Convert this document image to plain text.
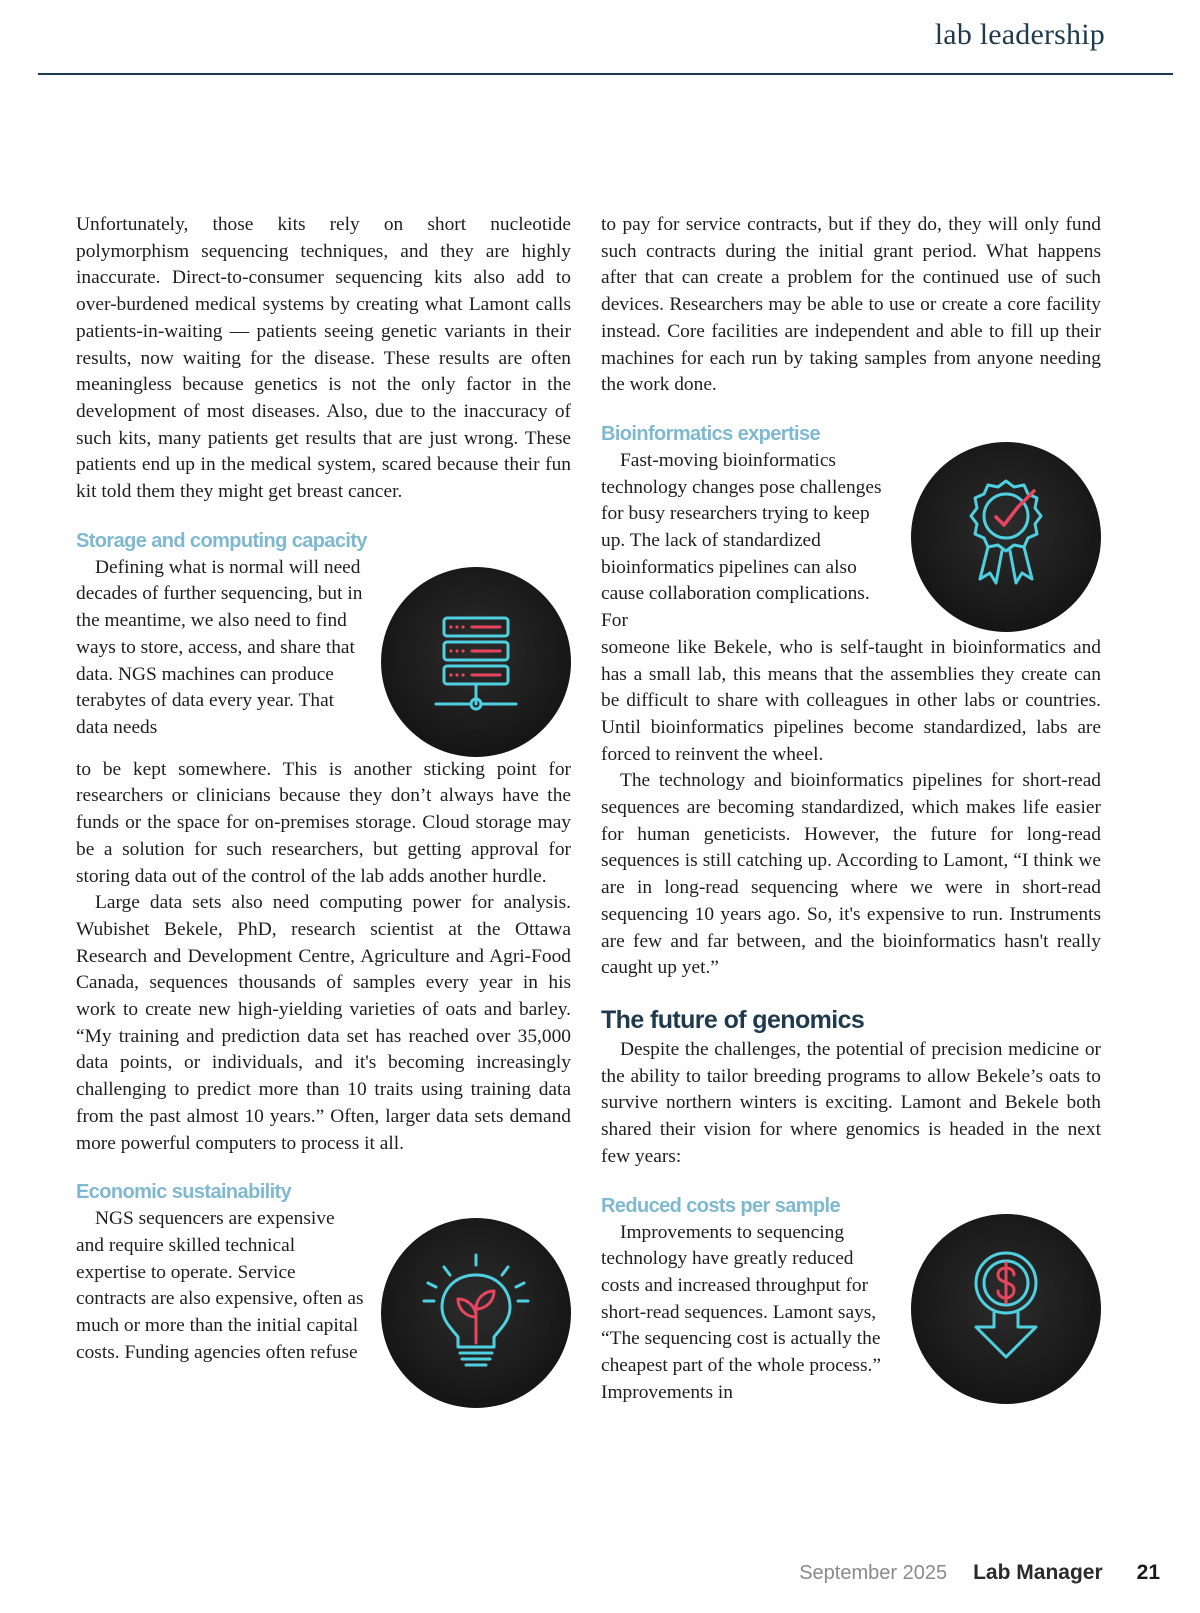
lab leadership

Unfortunately, those kits rely on short nucleotide polymorphism sequencing techniques, and they are highly inaccurate. Direct-to-consumer sequencing kits also add to over-burdened medical systems by creating what Lamont calls patients-in-waiting — patients seeing genetic variants in their results, now waiting for the disease. These results are often meaningless because genetics is not the only factor in the development of most diseases. Also, due to the inaccuracy of such kits, many patients get results that are just wrong. These patients end up in the medical system, scared because their fun kit told them they might get breast cancer.

Storage and computing capacity

Defining what is normal will need decades of further sequencing, but in the meantime, we also need to find ways to store, access, and share that data. NGS machines can produce terabytes of data every year. That data needs

to be kept somewhere. This is another sticking point for researchers or clinicians because they don’t always have the funds or the space for on-premises storage. Cloud storage may be a solution for such researchers, but getting approval for storing data out of the control of the lab adds another hurdle.

Large data sets also need computing power for analysis. Wubishet Bekele, PhD, research scientist at the Ottawa Research and Development Centre, Agriculture and Agri-Food Canada, sequences thousands of samples every year in his work to create new high-yielding varieties of oats and barley. “My training and prediction data set has reached over 35,000 data points, or individuals, and it's becoming increasingly challenging to predict more than 10 traits using training data from the past almost 10 years.” Often, larger data sets demand more powerful computers to process it all.

Economic sustainability

NGS sequencers are expensive and require skilled technical expertise to operate. Service contracts are also expensive, often as much or more than the initial capital costs. Funding agencies often refuse

to pay for service contracts, but if they do, they will only fund such contracts during the initial grant period. What happens after that can create a problem for the continued use of such devices. Researchers may be able to use or create a core facility instead. Core facilities are independent and able to fill up their machines for each run by taking samples from anyone needing the work done.

Bioinformatics expertise

Fast-moving bioinformatics technology changes pose challenges for busy researchers trying to keep up. The lack of standardized bioinformatics pipelines can also cause collaboration complications. For

someone like Bekele, who is self-taught in bioinformatics and has a small lab, this means that the assemblies they create can be difficult to share with colleagues in other labs or countries. Until bioinformatics pipelines become standardized, labs are forced to reinvent the wheel.

The technology and bioinformatics pipelines for short-read sequences are becoming standardized, which makes life easier for human geneticists. However, the future for long-read sequences is still catching up. According to Lamont, “I think we are in long-read sequencing where we were in short-read sequencing 10 years ago. So, it's expensive to run. Instruments are few and far between, and the bioinformatics hasn't really caught up yet.”

The future of genomics

Despite the challenges, the potential of precision medicine or the ability to tailor breeding programs to allow Bekele’s oats to survive northern winters is exciting. Lamont and Bekele both shared their vision for where genomics is headed in the next few years:

Reduced costs per sample

Improvements to sequencing technology have greatly reduced costs and increased throughput for short-read sequences. Lamont says, “The sequencing cost is actually the cheapest part of the whole process.” Improvements in

September 2025 Lab Manager 21
